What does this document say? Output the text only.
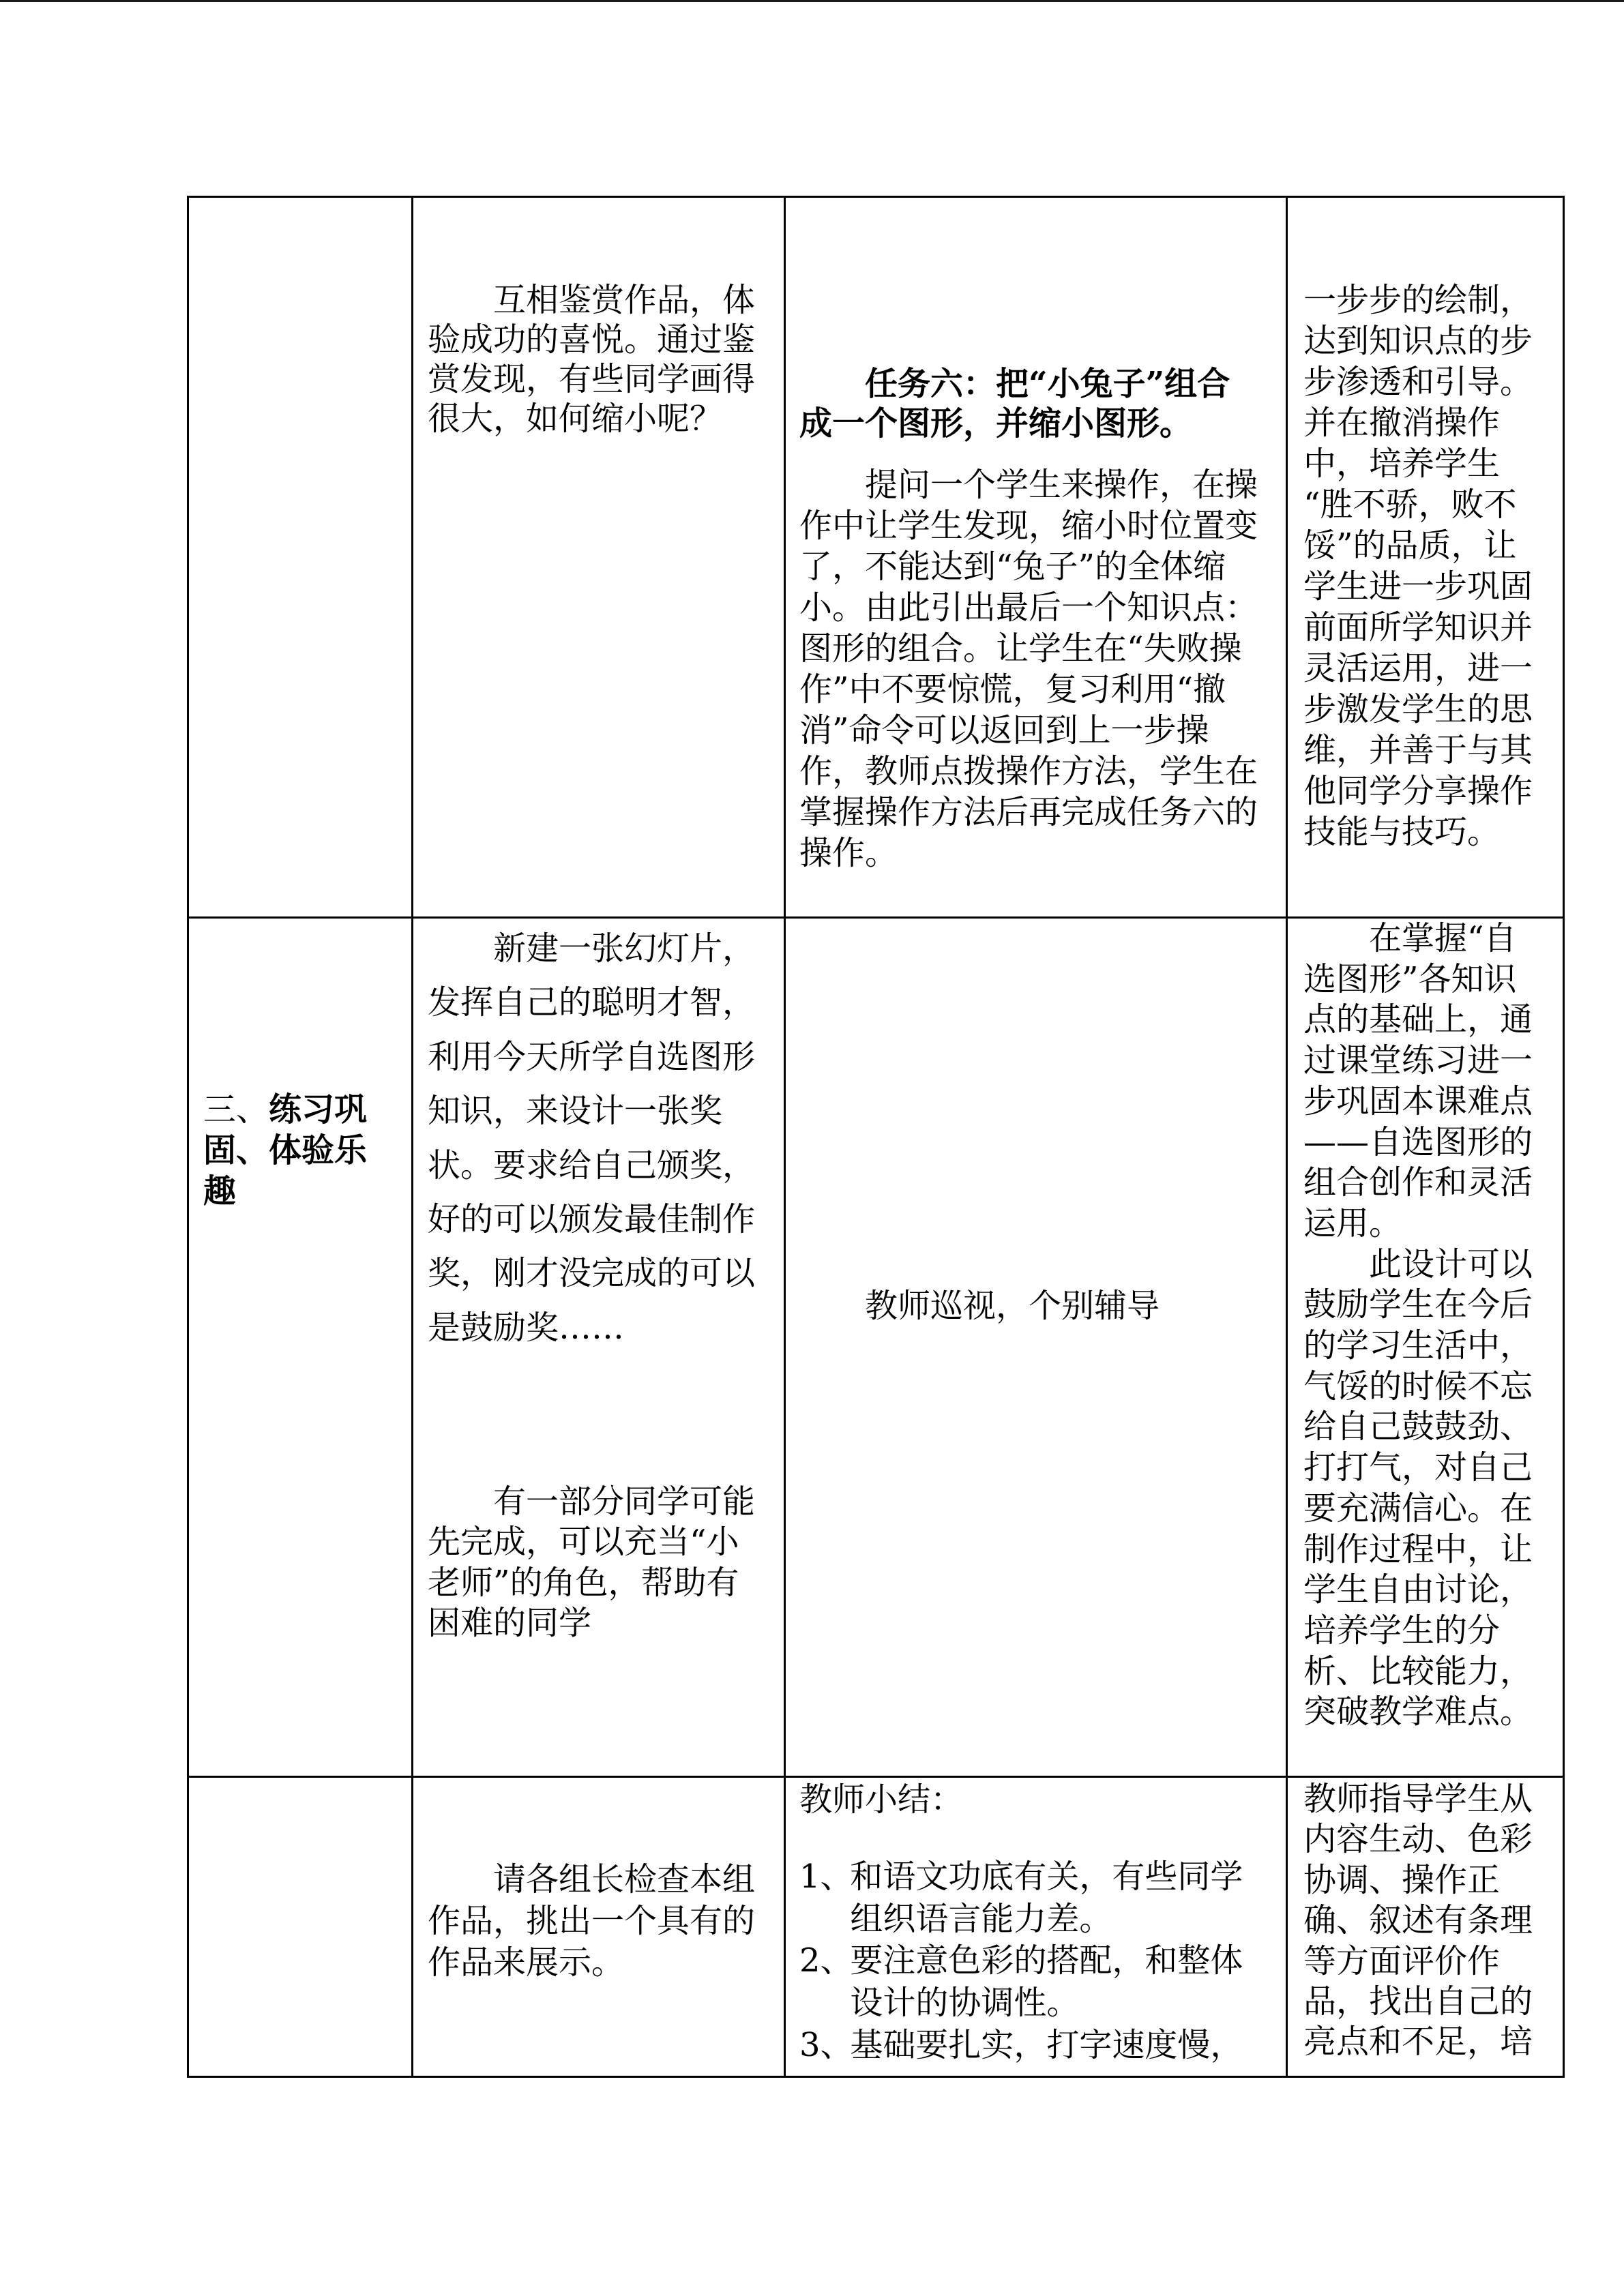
互相鉴赏作品，体
验成功的喜悦。通过鉴
赏发现，有些同学画得
很大，如何缩小呢？
任务六：把“小兔子”组合
成一个图形，并缩小图形。
提问一个学生来操作，在操
作中让学生发现，缩小时位置变
了，不能达到“兔子”的全体缩
小。由此引出最后一个知识点：
图形的组合。让学生在“失败操
作”中不要惊慌，复习利用“撤
消”命令可以返回到上一步操
作，教师点拨操作方法，学生在
掌握操作方法后再完成任务六的
操作。
一步步的绘制，
达到知识点的步
步渗透和引导。
并在撤消操作
中，培养学生
“胜不骄，败不
馁”的品质，让
学生进一步巩固
前面所学知识并
灵活运用，进一
步激发学生的思
维，并善于与其
他同学分享操作
技能与技巧。
三、练习巩
固、体验乐
趣
新建一张幻灯片，
发挥自己的聪明才智，
利用今天所学自选图形
知识，来设计一张奖
状。要求给自己颁奖，
好的可以颁发最佳制作
奖，刚才没完成的可以
是鼓励奖……
有一部分同学可能
先完成，可以充当“小
老师”的角色，帮助有
困难的同学
教师巡视，个别辅导
在掌握“自
选图形”各知识
点的基础上，通
过课堂练习进一
步巩固本课难点
——自选图形的
组合创作和灵活
运用。
此设计可以
鼓励学生在今后
的学习生活中，
气馁的时候不忘
给自己鼓鼓劲、
打打气，对自己
要充满信心。在
制作过程中，让
学生自由讨论，
培养学生的分
析、比较能力，
突破教学难点。
请各组长检查本组
作品，挑出一个具有的
作品来展示。
教师小结：
1、
和语文功底有关，有些同学
组织语言能力差。
2、
要注意色彩的搭配，和整体
设计的协调性。
3、
基础要扎实，打字速度慢，
教师指导学生从
内容生动、色彩
协调、操作正
确、叙述有条理
等方面评价作
品，找出自己的
亮点和不足，培
